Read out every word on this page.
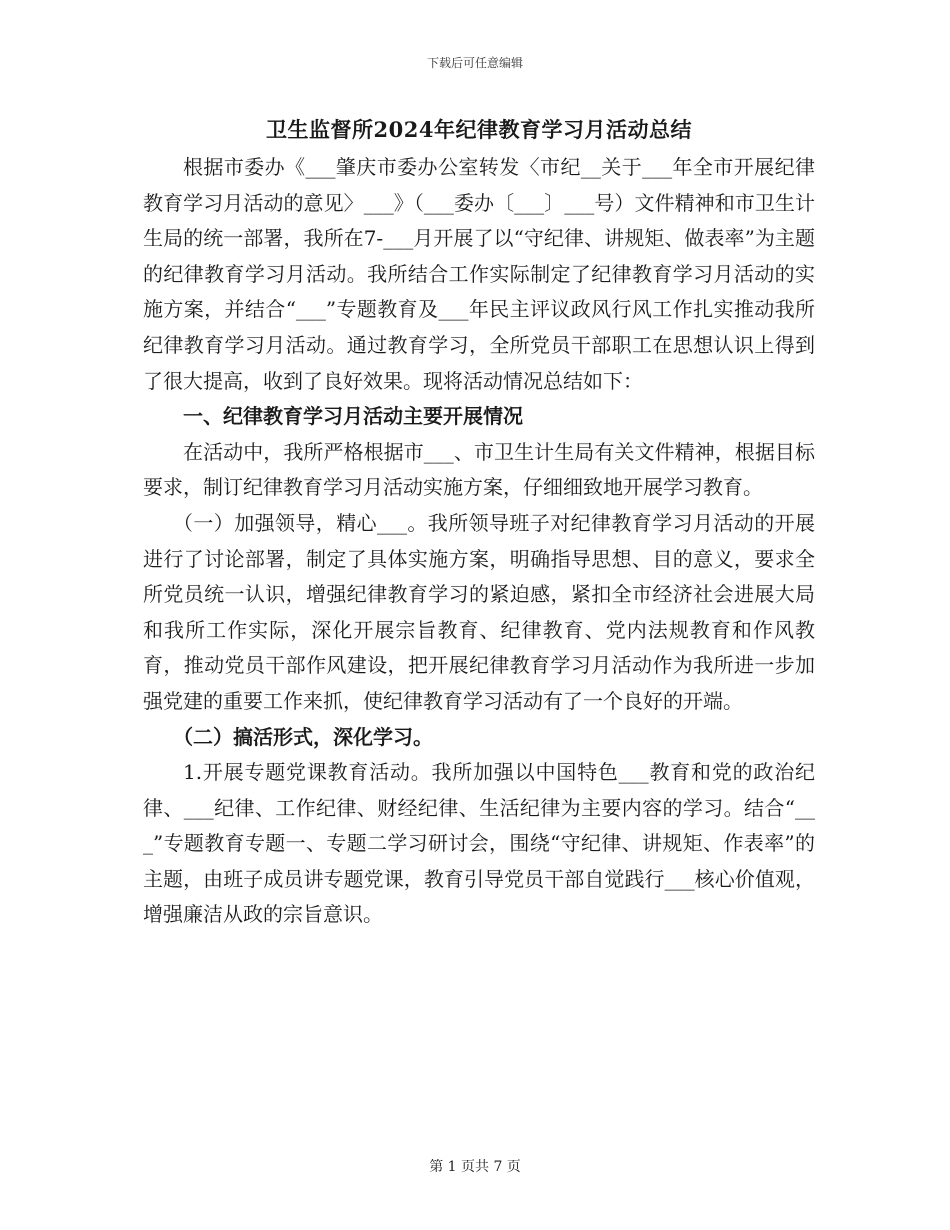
下载后可任意编辑
卫生监督所2024年纪律教育学习月活动总结

根据市委办《___肇庆市委办公室转发〈市纪__关于___年全市开展纪律教育学习月活动的意见〉___》（___委办〔___〕___号）文件精神和市卫生计生局的统一部署，我所在7-___月开展了以“守纪律、讲规矩、做表率”为主题的纪律教育学习月活动。我所结合工作实际制定了纪律教育学习月活动的实施方案，并结合“___”专题教育及___年民主评议政风行风工作扎实推动我所纪律教育学习月活动。通过教育学习，全所党员干部职工在思想认识上得到了很大提高，收到了良好效果。现将活动情况总结如下：

一、纪律教育学习月活动主要开展情况

在活动中，我所严格根据市___、市卫生计生局有关文件精神，根据目标要求，制订纪律教育学习月活动实施方案，仔细细致地开展学习教育。

（一）加强领导，精心___。我所领导班子对纪律教育学习月活动的开展进行了讨论部署，制定了具体实施方案，明确指导思想、目的意义，要求全所党员统一认识，增强纪律教育学习的紧迫感，紧扣全市经济社会进展大局和我所工作实际，深化开展宗旨教育、纪律教育、党内法规教育和作风教育，推动党员干部作风建设，把开展纪律教育学习月活动作为我所进一步加强党建的重要工作来抓，使纪律教育学习活动有了一个良好的开端。

（二）搞活形式，深化学习。

1.开展专题党课教育活动。我所加强以中国特色___教育和党的政治纪律、___纪律、工作纪律、财经纪律、生活纪律为主要内容的学习。结合“___”专题教育专题一、专题二学习研讨会，围绕“守纪律、讲规矩、作表率”的主题，由班子成员讲专题党课，教育引导党员干部自觉践行___核心价值观，增强廉洁从政的宗旨意识。

第 1 页共 7 页
